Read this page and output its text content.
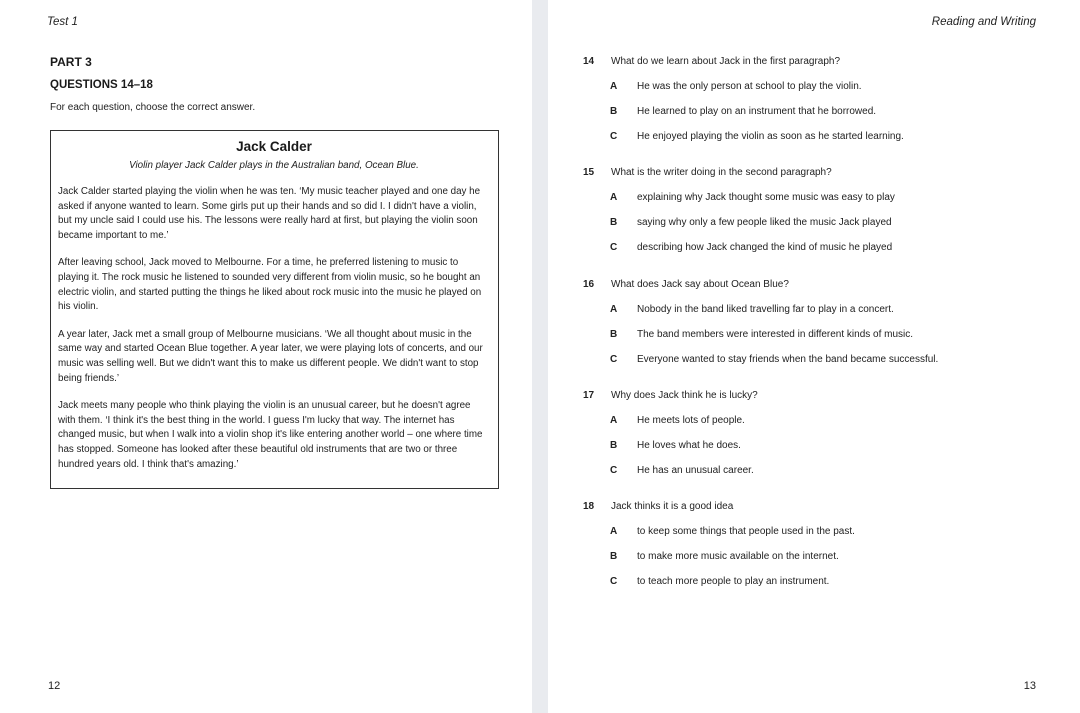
Test 1
PART 3
QUESTIONS 14–18
For each question, choose the correct answer.
Jack Calder
Violin player Jack Calder plays in the Australian band, Ocean Blue.

Jack Calder started playing the violin when he was ten. ‘My music teacher played and one day he asked if anyone wanted to learn. Some girls put up their hands and so did I. I didn't have a violin, but my uncle said I could use his. The lessons were really hard at first, but playing the violin soon became important to me.’

After leaving school, Jack moved to Melbourne. For a time, he preferred listening to music to playing it. The rock music he listened to sounded very different from violin music, so he bought an electric violin, and started putting the things he liked about rock music into the music he played on his violin.

A year later, Jack met a small group of Melbourne musicians. ‘We all thought about music in the same way and started Ocean Blue together. A year later, we were playing lots of concerts, and our music was selling well. But we didn't want this to make us different people. We didn't want to stop being friends.’

Jack meets many people who think playing the violin is an unusual career, but he doesn't agree with them. ‘I think it's the best thing in the world. I guess I'm lucky that way. The internet has changed music, but when I walk into a violin shop it's like entering another world – one where time has stopped. Someone has looked after these beautiful old instruments that are two or three hundred years old. I think that's amazing.’

12
Reading and Writing
13
14 What do we learn about Jack in the first paragraph?
A He was the only person at school to play the violin.
B He learned to play on an instrument that he borrowed.
C He enjoyed playing the violin as soon as he started learning.
15 What is the writer doing in the second paragraph?
A explaining why Jack thought some music was easy to play
B saying why only a few people liked the music Jack played
C describing how Jack changed the kind of music he played
16 What does Jack say about Ocean Blue?
A Nobody in the band liked travelling far to play in a concert.
B The band members were interested in different kinds of music.
C Everyone wanted to stay friends when the band became successful.
17 Why does Jack think he is lucky?
A He meets lots of people.
B He loves what he does.
C He has an unusual career.
18 Jack thinks it is a good idea
A to keep some things that people used in the past.
B to make more music available on the internet.
C to teach more people to play an instrument.
